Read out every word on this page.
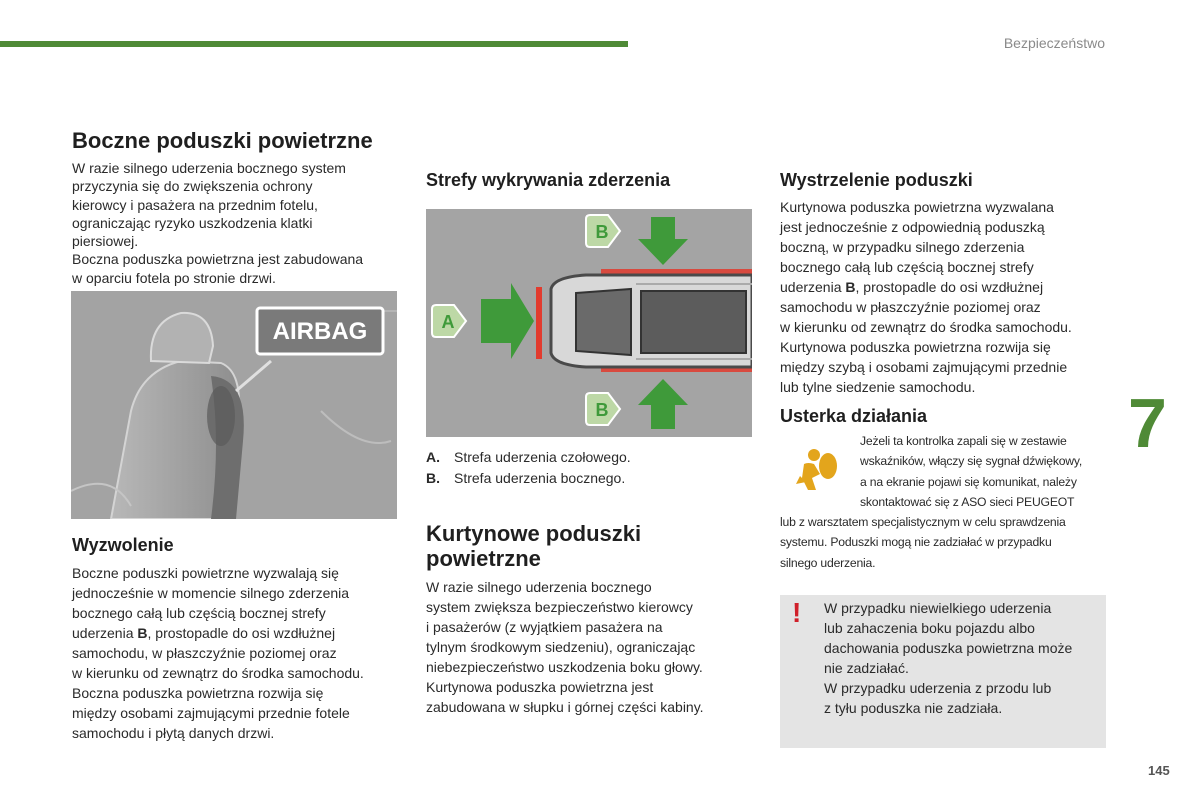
Bezpieczeństwo
Boczne poduszki powietrzne

W razie silnego uderzenia bocznego system

przyczynia się do zwiększenia ochrony

kierowcy i pasażera na przednim fotelu,

ograniczając ryzyko uszkodzenia klatki

piersiowej.

Boczna poduszka powietrzna jest zabudowana

w oparciu fotela po stronie drzwi.

AIRBAG
Wyzwolenie

Boczne poduszki powietrzne wyzwalają się

jednocześnie w momencie silnego zderzenia

bocznego całą lub częścią bocznej strefy

uderzenia B, prostopadle do osi wzdłużnej

samochodu, w płaszczyźnie poziomej oraz

w kierunku od zewnątrz do środka samochodu.

Boczna poduszka powietrzna rozwija się

między osobami zajmującymi przednie fotele

samochodu i płytą danych drzwi.

Strefy wykrywania zderzenia
A
B
B
A. Strefa uderzenia czołowego.
B. Strefa uderzenia bocznego.
Kurtynowe poduszki
powietrzne

W razie silnego uderzenia bocznego

system zwiększa bezpieczeństwo kierowcy

i pasażerów (z wyjątkiem pasażera na

tylnym środkowym siedzeniu), ograniczając

niebezpieczeństwo uszkodzenia boku głowy.

Kurtynowa poduszka powietrzna jest

zabudowana w słupku i górnej części kabiny.

Wystrzelenie poduszki

Kurtynowa poduszka powietrzna wyzwalana

jest jednocześnie z odpowiednią poduszką

boczną, w przypadku silnego zderzenia

bocznego całą lub częścią bocznej strefy

uderzenia B, prostopadle do osi wzdłużnej

samochodu w płaszczyźnie poziomej oraz

w kierunku od zewnątrz do środka samochodu.

Kurtynowa poduszka powietrzna rozwija się

między szybą i osobami zajmującymi przednie

lub tylne siedzenie samochodu.

Usterka działania
Jeżeli ta kontrolka zapali się w zestawie
wskaźników, włączy się sygnał dźwiękowy,
a na ekranie pojawi się komunikat, należy
skontaktować się z ASO sieci PEUGEOT
lub z warsztatem specjalistycznym w celu sprawdzenia
systemu. Poduszki mogą nie zadziałać w przypadku
silnego uderzenia.
! W przypadku niewielkiego uderzenia

lub zahaczenia boku pojazdu albo

dachowania poduszka powietrzna może

nie zadziałać.

W przypadku uderzenia z przodu lub

z tyłu poduszka nie zadziała.

7
145
